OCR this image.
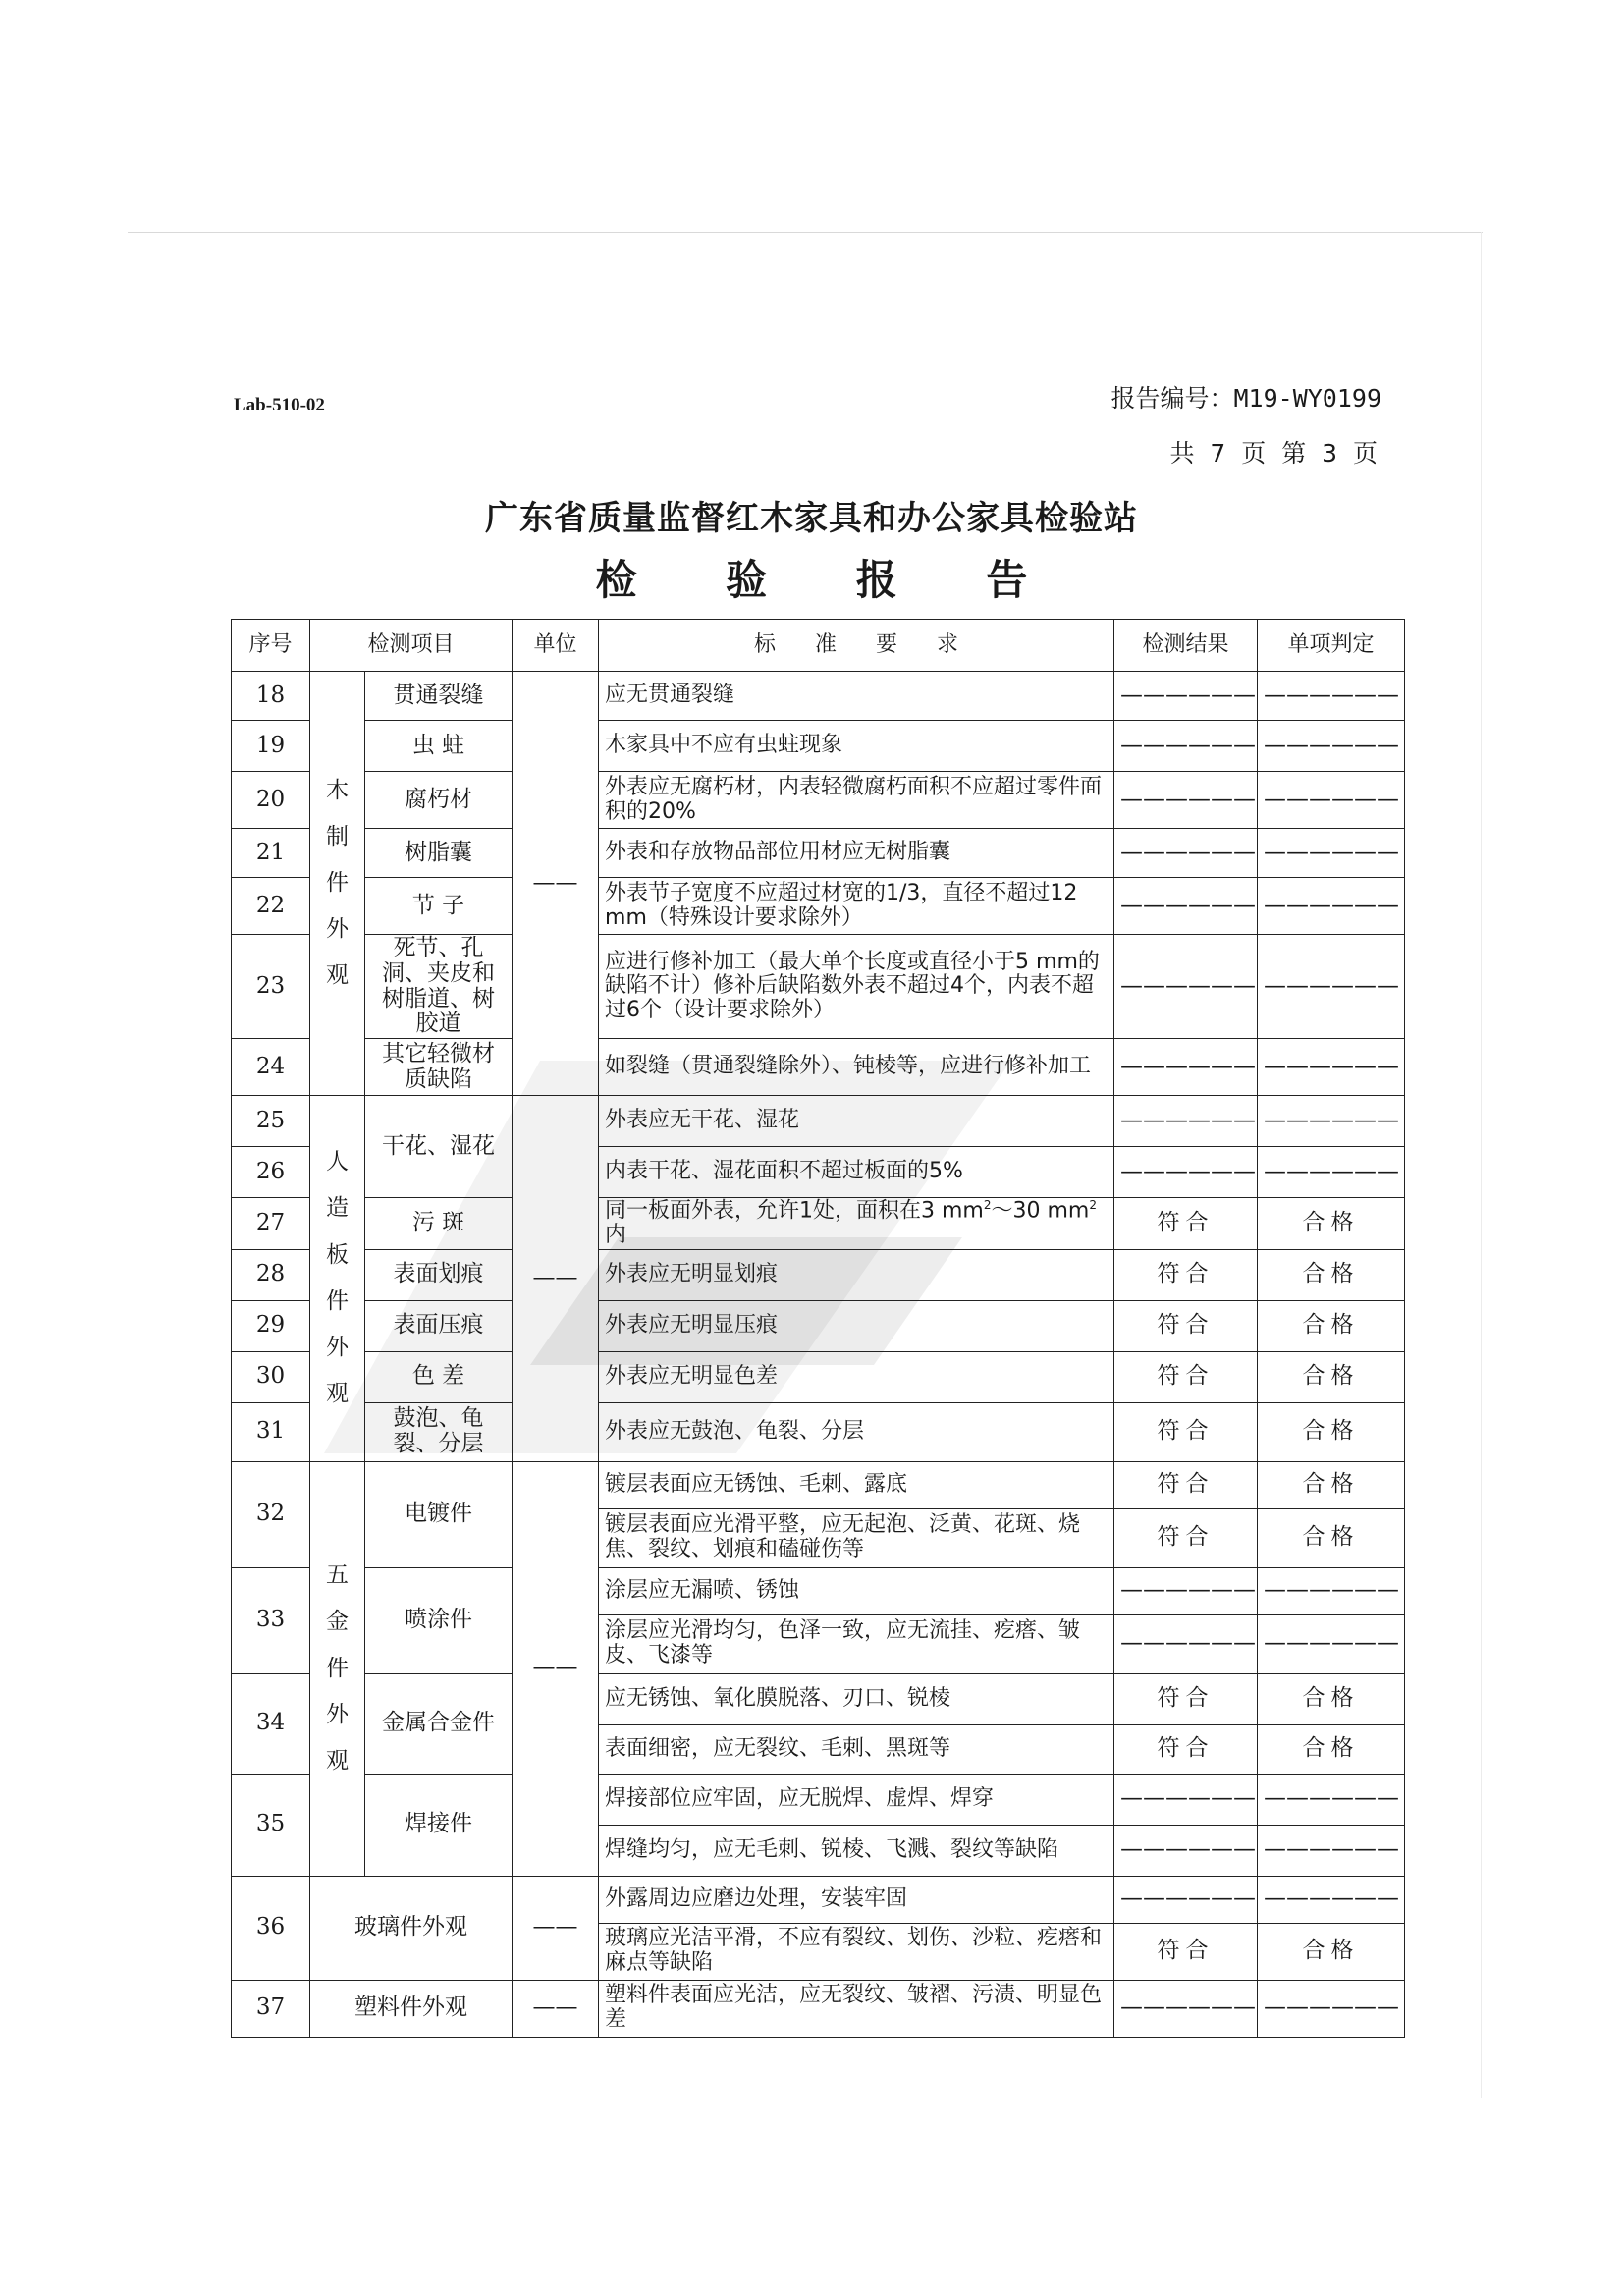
Lab-510-02	报告编号：M19-WY0199
共 7 页 第 3 页
广东省质量监督红木家具和办公家具检验站
检 验 报 告
序号	检测项目		单位	标准要求	检测结果	单项判定
18	木制件外观	贯通裂缝	——	应无贯通裂缝	——————	——————
19		虫 蛀		木家具中不应有虫蛀现象	——————	——————
20		腐朽材		外表应无腐朽材，内表轻微腐朽面积不应超过零件面积的20%	——————	——————
21		树脂囊		外表和存放物品部位用材应无树脂囊	——————	——————
22		节 子		外表节子宽度不应超过材宽的1/3，直径不超过12 mm（特殊设计要求除外）	——————	——————
23		死节、孔洞、夹皮和树脂道、树胶道		应进行修补加工（最大单个长度或直径小于5 mm的缺陷不计）修补后缺陷数外表不超过4个，内表不超过6个（设计要求除外）	——————	——————
24		其它轻微材质缺陷		如裂缝（贯通裂缝除外）、钝棱等，应进行修补加工	——————	——————
25	人造板件外观	干花、湿花	——	外表应无干花、湿花	——————	——————
26				内表干花、湿花面积不超过板面的5%	——————	——————
27		污 斑		同一板面外表，允许1处，面积在3 $mm^2\sim 30$ $mm^2$内	符合	合格
28		表面划痕		外表应无明显划痕	符合	合格
29		表面压痕		外表应无明显压痕	符合	合格
30		色 差		外表应无明显色差	符合	合格
31		鼓泡、龟裂、分层		外表应无鼓泡、龟裂、分层	符合	合格

32	五金件外观	电镀件	——	镀层表面应无锈蚀、毛刺、露底	符合	合格
				镀层表面应光滑平整，应无起泡、泛黄、花斑、烧焦、裂纹、划痕和磕碰伤等	符合	合格
33		喷涂件		涂层应无漏喷、锈蚀	——————	——————
				涂层应光滑均匀，色泽一致，应无流挂、疙瘩、皱皮、飞漆等	——————	——————
34		金属合金件		应无锈蚀、氧化膜脱落、刃口、锐棱	符合	合格
				表面细密，应无裂纹、毛刺、黑斑等	符合	合格
35		焊接件		焊接部位应牢固，应无脱焊、虚焊、焊穿	——————	——————
				焊缝均匀，应无毛刺、锐棱、飞溅、裂纹等缺陷	——————	——————
36	玻璃件外观		——	外露周边应磨边处理，安装牢固	——————	——————
				玻璃应光洁平滑，不应有裂纹、划伤、沙粒、疙瘩和麻点等缺陷	符合	合格
37	塑料件外观		——	塑料件表面应光洁，应无裂纹、皱褶、污渍、明显色差	——————	——————
